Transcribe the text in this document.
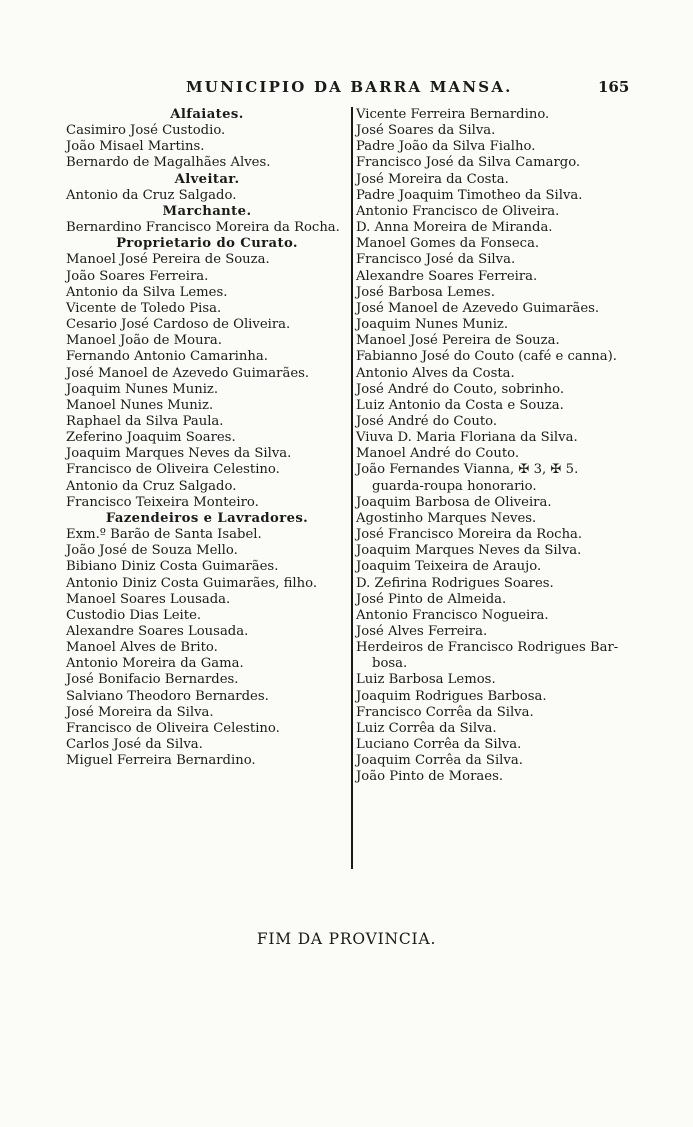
MUNICIPIO DA BARRA MANSA.	165
Alfaiates.
Casimiro José Custodio.
João Misael Martins.
Bernardo de Magalhães Alves.
Alveitar.
Antonio da Cruz Salgado.
Marchante.
Bernardino Francisco Moreira da Rocha.
Proprietario do Curato.
Manoel José Pereira de Souza.
João Soares Ferreira.
Antonio da Silva Lemes.
Vicente de Toledo Pisa.
Cesario José Cardoso de Oliveira.
Manoel João de Moura.
Fernando Antonio Camarinha.
José Manoel de Azevedo Guimarães.
Joaquim Nunes Muniz.
Manoel Nunes Muniz.
Raphael da Silva Paula.
Zeferino Joaquim Soares.
Joaquim Marques Neves da Silva.
Francisco de Oliveira Celestino.
Antonio da Cruz Salgado.
Francisco Teixeira Monteiro.
Fazendeiros e Lavradores.
Exm.º Barão de Santa Isabel.
João José de Souza Mello.
Bibiano Diniz Costa Guimarães.
Antonio Diniz Costa Guimarães, filho.
Manoel Soares Lousada.
Custodio Dias Leite.
Alexandre Soares Lousada.
Manoel Alves de Brito.
Antonio Moreira da Gama.
José Bonifacio Bernardes.
Salviano Theodoro Bernardes.
José Moreira da Silva.
Francisco de Oliveira Celestino.
Carlos José da Silva.
Miguel Ferreira Bernardino.
Vicente Ferreira Bernardino.
José Soares da Silva.
Padre João da Silva Fialho.
Francisco José da Silva Camargo.
José Moreira da Costa.
Padre Joaquim Timotheo da Silva.
Antonio Francisco de Oliveira.
D. Anna Moreira de Miranda.
Manoel Gomes da Fonseca.
Francisco José da Silva.
Alexandre Soares Ferreira.
José Barbosa Lemes.
José Manoel de Azevedo Guimarães.
Joaquim Nunes Muniz.
Manoel José Pereira de Souza.
Fabianno José do Couto (café e canna).
Antonio Alves da Costa.
José André do Couto, sobrinho.
Luiz Antonio da Costa e Souza.
José André do Couto.
Viuva D. Maria Floriana da Silva.
Manoel André do Couto.
João Fernandes Vianna, ✠ 3, ✠ 5.
guarda-roupa honorario.
Joaquim Barbosa de Oliveira.
Agostinho Marques Neves.
José Francisco Moreira da Rocha.
Joaquim Marques Neves da Silva.
Joaquim Teixeira de Araujo.
D. Zefirina Rodrigues Soares.
José Pinto de Almeida.
Antonio Francisco Nogueira.
José Alves Ferreira.
Herdeiros de Francisco Rodrigues Bar-
bosa.
Luiz Barbosa Lemos.
Joaquim Rodrigues Barbosa.
Francisco Corrêa da Silva.
Luiz Corrêa da Silva.
Luciano Corrêa da Silva.
Joaquim Corrêa da Silva.
João Pinto de Moraes.
FIM DA PROVINCIA.
